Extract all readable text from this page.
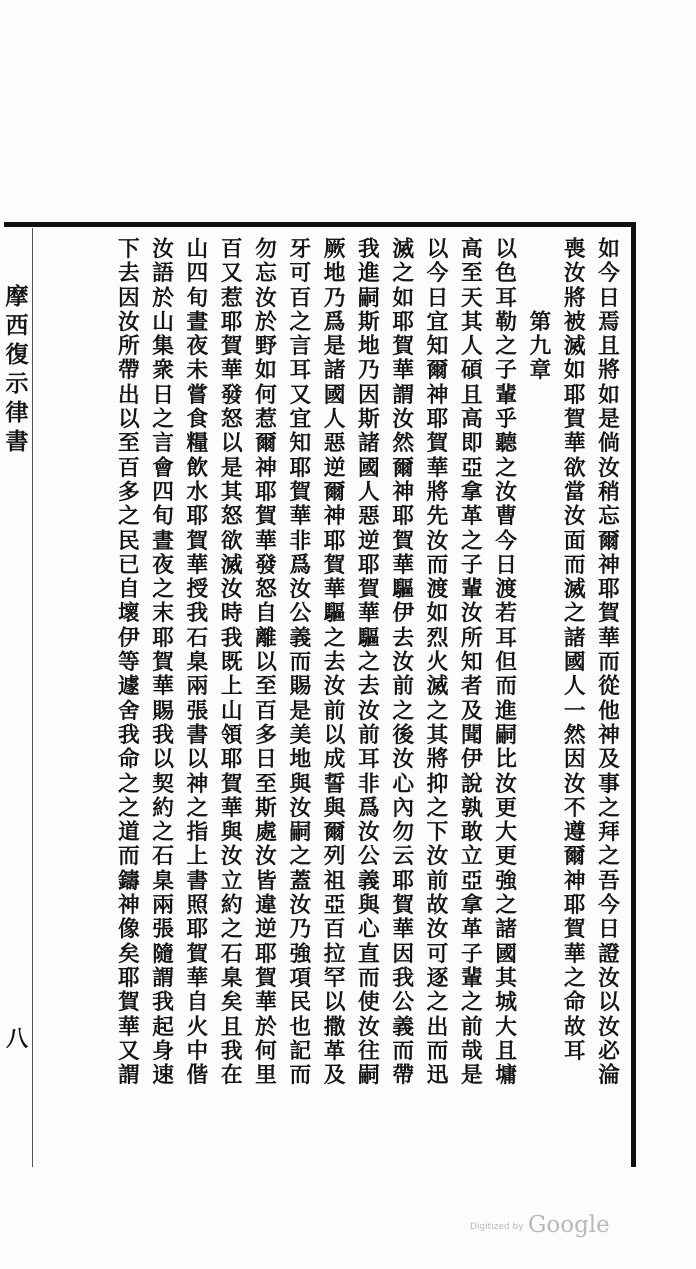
如
今
日
焉
且
將
如
是
倘
汝
稍
忘
爾
神
耶
賀
華
而
從
他
神
及
事
之
拜
之
吾
今
日
證
汝
以
汝
必
淪
喪
汝
將
被
滅
如
耶
賀
華
欲
當
汝
面
而
滅
之
諸
國
人
一
然
因
汝
不
遵
爾
神
耶
賀
華
之
命
故
耳
以
色
耳
勒
之
子
輩
乎
聽
之
汝
曹
今
日
渡
若
耳
但
而
進
嗣
比
汝
更
大
更
強
之
諸
國
其
城
大
且
墉
高
至
天
其
人
碩
且
高
即
亞
拿
革
之
子
輩
汝
所
知
者
及
聞
伊
說
孰
敢
立
亞
拿
革
子
輩
之
前
哉
是
以
今
日
宜
知
爾
神
耶
賀
華
將
先
汝
而
渡
如
烈
火
滅
之
其
將
抑
之
下
汝
前
故
汝
可
逐
之
出
而
迅
滅
之
如
耶
賀
華
謂
汝
然
爾
神
耶
賀
華
驅
伊
去
汝
前
之
後
汝
心
內
勿
云
耶
賀
華
因
我
公
義
而
帶
我
進
嗣
斯
地
乃
因
斯
諸
國
人
惡
逆
耶
賀
華
驅
之
去
汝
前
耳
非
爲
汝
公
義
與
心
直
而
使
汝
往
嗣
厥
地
乃
爲
是
諸
國
人
惡
逆
爾
神
耶
賀
華
驅
之
去
汝
前
以
成
誓
與
爾
列
祖
亞
百
拉
罕
以
撒
革
及
牙
可
百
之
言
耳
又
宜
知
耶
賀
華
非
爲
汝
公
義
而
賜
是
美
地
與
汝
嗣
之
蓋
汝
乃
強
項
民
也
記
而
勿
忘
汝
於
野
如
何
惹
爾
神
耶
賀
華
發
怒
自
離
以
至
百
多
日
至
斯
處
汝
皆
違
逆
耶
賀
華
於
何
里
百
又
惹
耶
賀
華
發
怒
以
是
其
怒
欲
滅
汝
時
我
既
上
山
領
耶
賀
華
與
汝
立
約
之
石
臬
矣
且
我
在
山
四
旬
晝
夜
未
嘗
食
糧
飲
水
耶
賀
華
授
我
石
臬
兩
張
書
以
神
之
指
上
書
照
耶
賀
華
自
火
中
偕
汝
語
於
山
集
衆
日
之
言
會
四
旬
晝
夜
之
末
耶
賀
華
賜
我
以
契
約
之
石
臬
兩
張
隨
謂
我
起
身
速
下
去
因
汝
所
帶
出
以
至
百
多
之
民
已
自
壞
伊
等
遽
舍
我
命
之
之
道
而
鑄
神
像
矣
耶
賀
華
又
謂
第
九
章
摩
西
復
示
律
書
八
Digitized by Google
